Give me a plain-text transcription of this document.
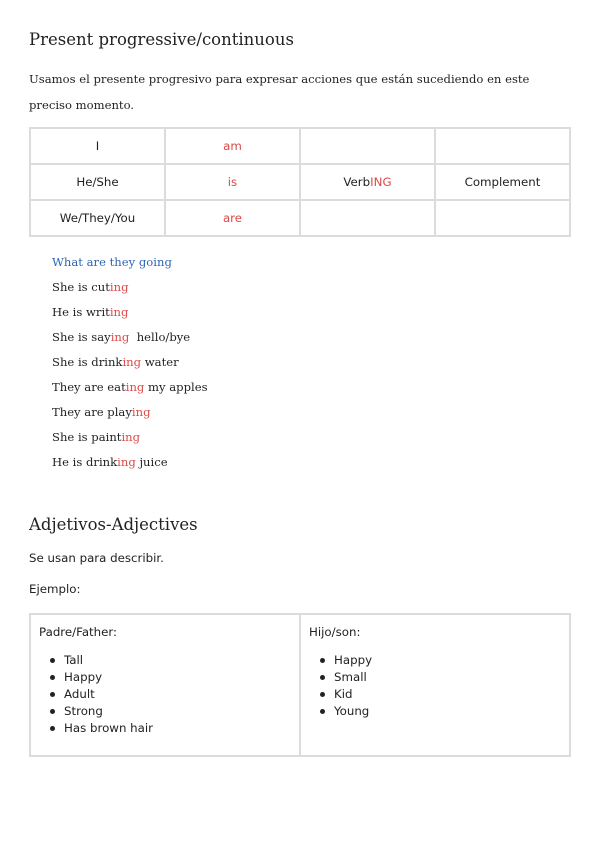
Present progressive/continuous
Usamos el presente progresivo para expresar acciones que están sucediendo en este preciso momento.
I	am		
He/She	is	VerbING	Complement
We/They/You	are		
What are they going
She is cuting
He is writing
She is saying  hello/bye
She is drinking water
They are eating my apples
They are playing
She is painting
He is drinking juice
Adjetivos-Adjectives
Se usan para describir.
Ejemplo:
Padre/Father:
Tall
Happy
Adult
Strong
Has brown hair

Hijo/son:
Happy
Small
Kid
Young
